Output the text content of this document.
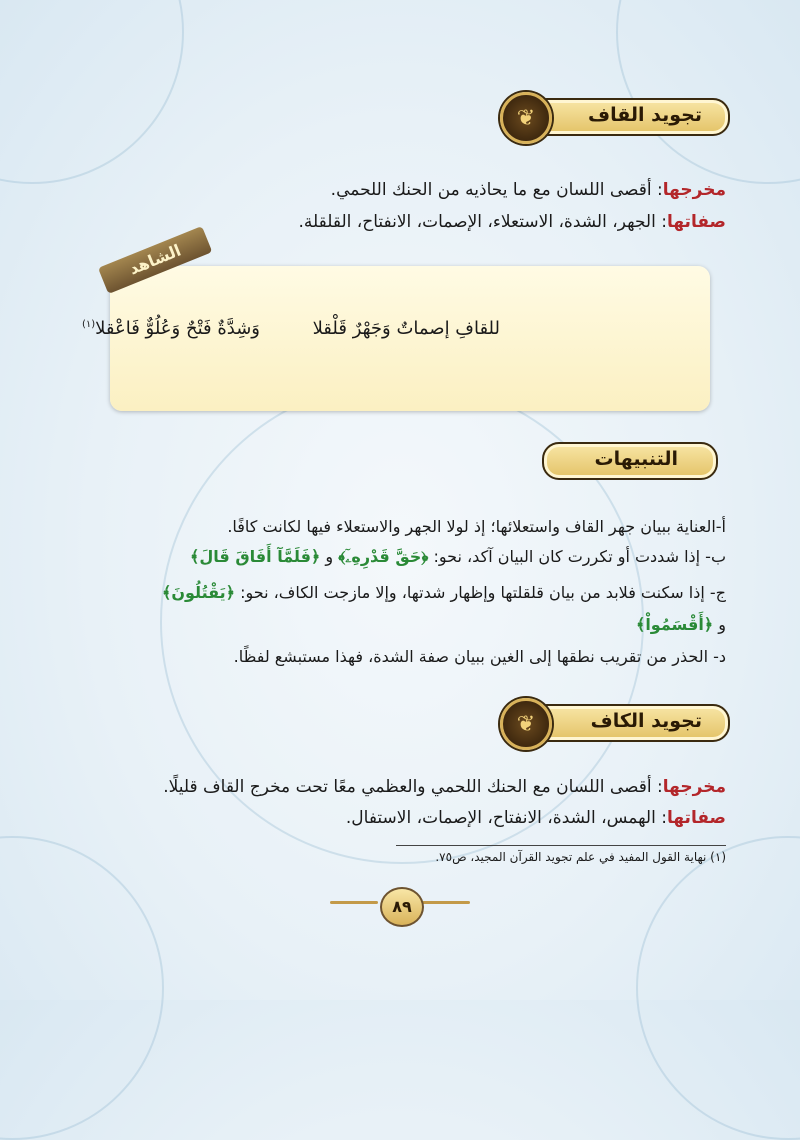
تجويد القاف
❦
مخرجها: أقصى اللسان مع ما يحاذيه من الحنك اللحمي.
صفاتها: الجهر، الشدة، الاستعلاء، الإصمات، الانفتاح، القلقلة.
الشاهد
للقافِ إصماتٌ وَجَهْرٌ قَلْقلا
وَشِدَّةٌ فَتْحٌ وَعُلُوٌّ فَاعْقلا$^{(١)}$
التنبيهات
أ-العناية ببيان جهر القاف واستعلائها؛ إذ لولا الجهر والاستعلاء فيها لكانت كافًا.
ب- إذا شددت أو تكررت كان البيان آكد، نحو: ﴿حَقَّ قَدْرِهِۦٓ﴾ و ﴿فَلَمَّآ أَفَاقَ قَالَ﴾
ج- إذا سكنت فلابد من بيان قلقلتها وإظهار شدتها، وإلا مازجت الكاف، نحو: ﴿يَقْتُلُونَ﴾
و ﴿أَقْسَمُواْ﴾
د- الحذر من تقريب نطقها إلى الغين ببيان صفة الشدة، فهذا مستبشع لفظًا.
تجويد الكاف
❦
مخرجها: أقصى اللسان مع الحنك اللحمي والعظمي معًا تحت مخرج القاف قليلًا.
صفاتها: الهمس، الشدة، الانفتاح، الإصمات، الاستفال.
(١) نهاية القول المفيد في علم تجويد القرآن المجيد، ص٧٥.
٨٩
